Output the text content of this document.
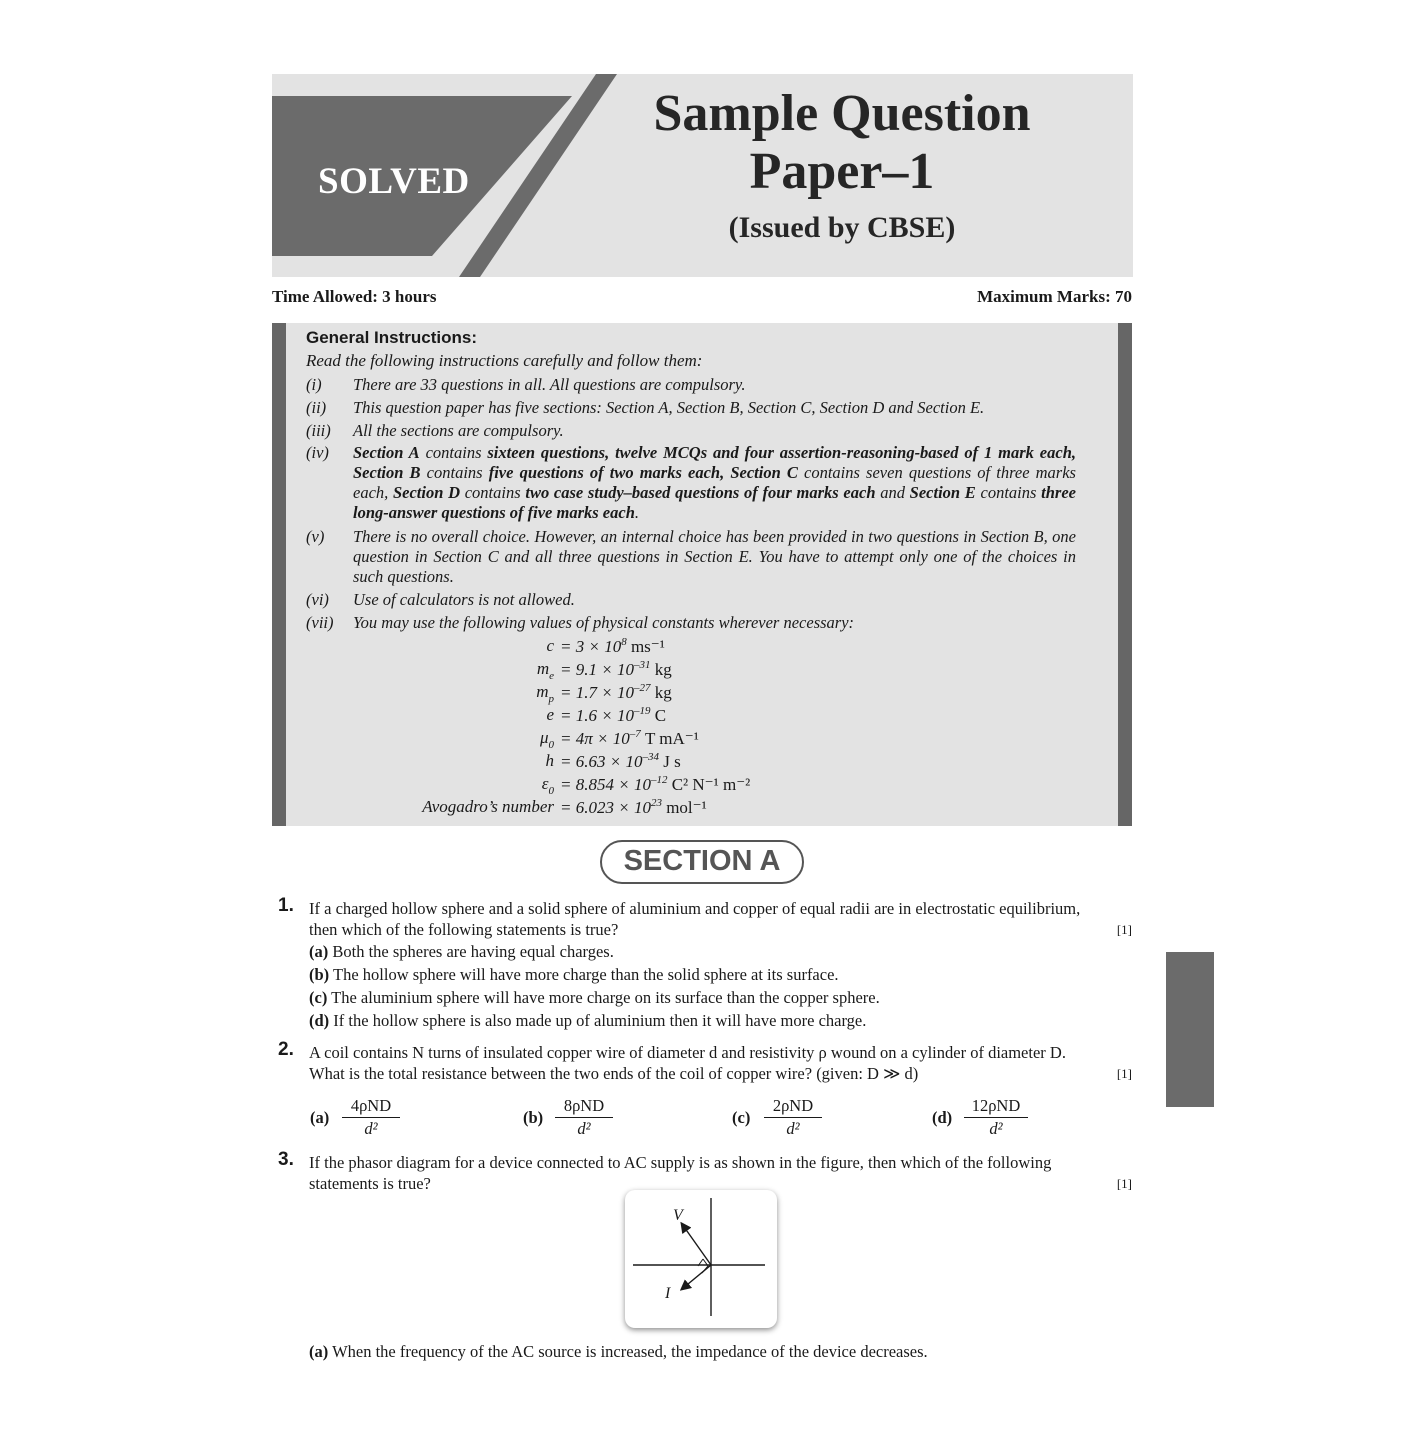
SOLVED
Sample Question
Paper–1
(Issued by CBSE)
Time Allowed: 3 hours	Maximum Marks: 70
General Instructions:
Read the following instructions carefully and follow them:
(i) There are 33 questions in all. All questions are compulsory.
(ii) This question paper has five sections: Section A, Section B, Section C, Section D and Section E.
(iii) All the sections are compulsory.
(iv) Section A contains sixteen questions, twelve MCQs and four assertion-reasoning-based of 1 mark each, Section B contains five questions of two marks each, Section C contains seven questions of three marks each, Section D contains two case study–based questions of four marks each and Section E contains three long-answer questions of five marks each.
(v) There is no overall choice. However, an internal choice has been provided in two questions in Section B, one question in Section C and all three questions in Section E. You have to attempt only one of the choices in such questions.
(vi) Use of calculators is not allowed.
(vii) You may use the following values of physical constants wherever necessary:
$c = 3 \times 10^8$ ms⁻¹
$m_e = 9.1 \times 10^{-31}$ kg
$m_p = 1.7 \times 10^{-27}$ kg
$e = 1.6 \times 10^{-19}$ C
$\mu_0 = 4\pi \times 10^{-7}$ T mA⁻¹
$h = 6.63 \times 10^{-34}$ J s
$\varepsilon_0 = 8.854 \times 10^{-12}$ C² N⁻¹ m⁻²
Avogadro’s number = $6.023 \times 10^{23}$ mol⁻¹
SECTION A
1. If a charged hollow sphere and a solid sphere of aluminium and copper of equal radii are in electrostatic equilibrium,
then which of the following statements is true?	[1]
(a) Both the spheres are having equal charges.
(b) The hollow sphere will have more charge than the solid sphere at its surface.
(c) The aluminium sphere will have more charge on its surface than the copper sphere.
(d) If the hollow sphere is also made up of aluminium then it will have more charge.
2. A coil contains N turns of insulated copper wire of diameter d and resistivity ρ wound on a cylinder of diameter D.
What is the total resistance between the two ends of the coil of copper wire? (given: D ≫ d)	[1]
(a)
4ρND
d²
(b)
8ρND
d²
(c)
2ρND
d²
(d)
12ρND
d²
3. If the phasor diagram for a device connected to AC supply is as shown in the figure, then which of the following
statements is true?	[1]
V
I
(a) When the frequency of the AC source is increased, the impedance of the device decreases.
